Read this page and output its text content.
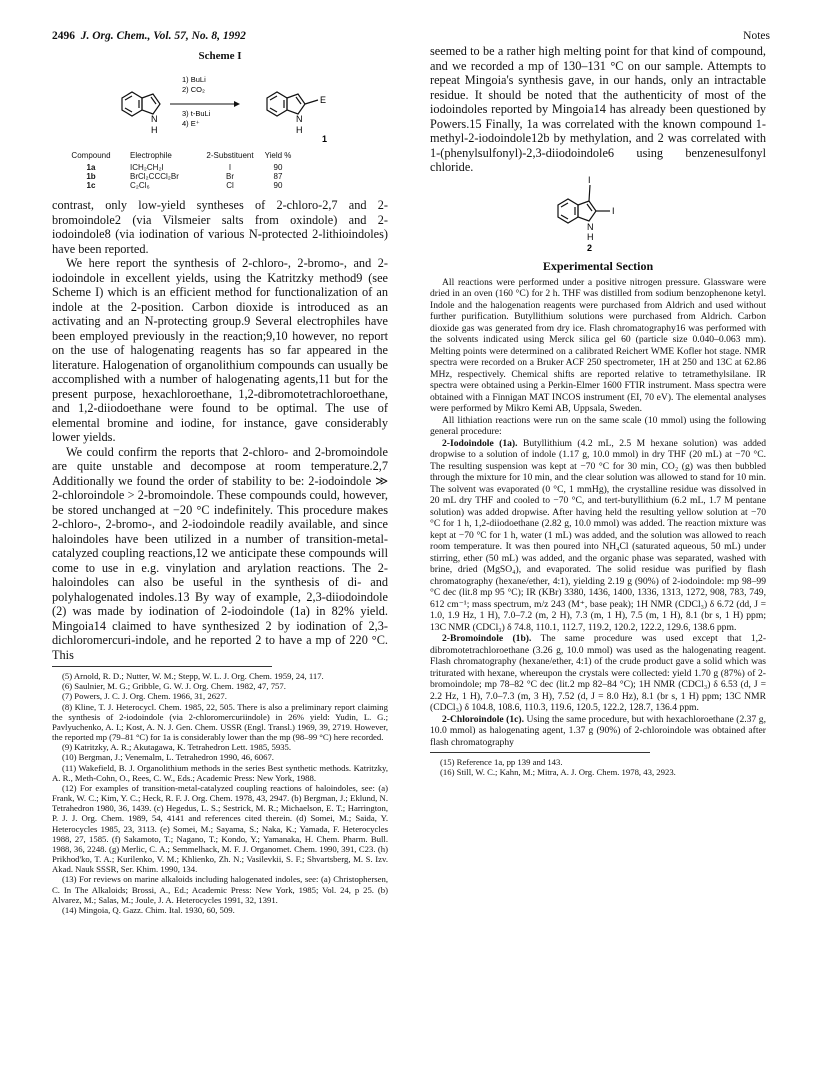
2496 J. Org. Chem., Vol. 57, No. 8, 1992	Notes
Scheme I
N
H
1) BuLi
2) CO₂
3) t-BuLi
4) E⁺
E
N
H
1
Compound	Electrophile	2-Substituent	Yield %
1a	ICH₂CH₂I	I	90
1b	BrCl₂CCCl₂Br	Br	87
1c	C₂Cl₆	Cl	90

contrast, only low-yield syntheses of 2-chloro-2,7 and 2-bromoindole2 (via Vilsmeier salts from oxindole) and 2-iodoindole8 (via iodination of various N-protected 2-lithioindoles) have been reported.

We here report the synthesis of 2-chloro-, 2-bromo-, and 2-iodoindole in excellent yields, using the Katritzky method9 (see Scheme I) which is an efficient method for functionalization of an indole at the 2-position. Carbon dioxide is introduced as an activating and an N-protecting group.9 Several electrophiles have been employed previously in the reaction;9,10 however, no report on the use of halogenating reagents has so far appeared in the literature. Halogenation of organolithium compounds can usually be accomplished with a number of halogenating agents,11 but for the present purpose, hexachloroethane, 1,2-dibromotetrachloroethane, and 1,2-diiodoethane were found to be optimal. The use of elemental bromine and iodine, for instance, gave considerably lower yields.

We could confirm the reports that 2-chloro- and 2-bromoindole are quite unstable and decompose at room temperature.2,7 Additionally we found the order of stability to be: 2-iodoindole ≫ 2-chloroindole > 2-bromoindole. These compounds could, however, be stored unchanged at −20 °C indefinitely. This procedure makes 2-chloro-, 2-bromo-, and 2-iodoindole readily available, and since haloindoles have been utilized in a number of transition-metal-catalyzed coupling reactions,12 we anticipate these compounds will come to use in e.g. vinylation and arylation reactions. The 2-haloindoles can also be useful in the synthesis of di- and polyhalogenated indoles.13 By way of example, 2,3-diiodoindole (2) was made by iodination of 2-iodoindole (1a) in 82% yield. Mingoia14 claimed to have synthesized 2 by iodination of 2,3-dichloromercuri-indole, and he reported 2 to have a mp of 220 °C. This

(5) Arnold, R. D.; Nutter, W. M.; Stepp, W. L. J. Org. Chem. 1959, 24, 117.

(6) Saulnier, M. G.; Gribble, G. W. J. Org. Chem. 1982, 47, 757.

(7) Powers, J. C. J. Org. Chem. 1966, 31, 2627.

(8) Kline, T. J. Heterocycl. Chem. 1985, 22, 505. There is also a preliminary report claiming the synthesis of 2-iodoindole (via 2-chloromercuriindole) in 26% yield: Yudin, L. G.; Pavlyuchenko, A. I.; Kost, A. N. J. Gen. Chem. USSR (Engl. Transl.) 1969, 39, 2719. However, the reported mp (79–81 °C) for 1a is considerably lower than the mp (98–99 °C) here recorded.

(9) Katritzky, A. R.; Akutagawa, K. Tetrahedron Lett. 1985, 5935.

(10) Bergman, J.; Venemalm, L. Tetrahedron 1990, 46, 6067.

(11) Wakefield, B. J. Organolithium methods in the series Best synthetic methods. Katritzky, A. R., Meth-Cohn, O., Rees, C. W., Eds.; Academic Press: New York, 1988.

(12) For examples of transition-metal-catalyzed coupling reactions of haloindoles, see: (a) Frank, W. C.; Kim, Y. C.; Heck, R. F. J. Org. Chem. 1978, 43, 2947. (b) Bergman, J.; Eklund, N. Tetrahedron 1980, 36, 1439. (c) Hegedus, L. S.; Sestrick, M. R.; Michaelson, E. T.; Harrington, P. J. J. Org. Chem. 1989, 54, 4141 and references cited therein. (d) Somei, M.; Saida, Y. Heterocycles 1985, 23, 3113. (e) Somei, M.; Sayama, S.; Naka, K.; Yamada, F. Heterocycles 1988, 27, 1585. (f) Sakamoto, T.; Nagano, T.; Kondo, Y.; Yamanaka, H. Chem. Pharm. Bull. 1988, 36, 2248. (g) Merlic, C. A.; Semmelhack, M. F. J. Organomet. Chem. 1990, 391, C23. (h) Prikhod'ko, T. A.; Kurilenko, V. M.; Khlienko, Zh. N.; Vasilevkii, S. F.; Shvartsberg, M. S. Izv. Akad. Nauk SSSR, Ser. Khim. 1990, 134.

(13) For reviews on marine alkaloids including halogenated indoles, see: (a) Christophersen, C. In The Alkaloids; Brossi, A., Ed.; Academic Press: New York, 1985; Vol. 24, p 25. (b) Alvarez, M.; Salas, M.; Joule, J. A. Heterocycles 1991, 32, 1391.

(14) Mingoia, Q. Gazz. Chim. Ital. 1930, 60, 509.

seemed to be a rather high melting point for that kind of compound, and we recorded a mp of 130–131 °C on our sample. Attempts to repeat Mingoia's synthesis gave, in our hands, only an intractable residue. It should be noted that the authenticity of most of the iodoindoles reported by Mingoia14 has already been questioned by Powers.15 Finally, 1a was correlated with the known compound 1-methyl-2-iodoindole12b by methylation, and 2 was correlated with 1-(phenylsulfonyl)-2,3-diiodoindole6 using benzenesulfonyl chloride.

I
I
N
H
2
Experimental Section

All reactions were performed under a positive nitrogen pressure. Glassware were dried in an oven (160 °C) for 2 h. THF was distilled from sodium benzophenone ketyl. Indole and the halogenation reagents were purchased from Aldrich and used without further purification. Butyllithium solutions were purchased from Aldrich. Carbon dioxide gas was generated from dry ice. Flash chromatography16 was performed with the solvents indicated using Merck silica gel 60 (particle size 0.040–0.063 mm). Melting points were determined on a calibrated Reichert WME Kofler hot stage. NMR spectra were recorded on a Bruker ACF 250 spectrometer, 1H at 250 and 13C at 62.86 MHz, respectively. Chemical shifts are reported relative to tetramethylsilane. IR spectra were obtained using a Perkin-Elmer 1600 FTIR instrument. Mass spectra were obtained with a Finnigan MAT INCOS instrument (EI, 70 eV). The elemental analyses were performed by Mikro Kemi AB, Uppsala, Sweden.

All lithiation reactions were run on the same scale (10 mmol) using the following general procedure:

2-Iodoindole (1a). Butyllithium (4.2 mL, 2.5 M hexane solution) was added dropwise to a solution of indole (1.17 g, 10.0 mmol) in dry THF (20 mL) at −70 °C. The resulting suspension was kept at −70 °C for 30 min, CO₂ (g) was then bubbled through the mixture for 10 min, and the clear solution was allowed to stand for 10 min. The solvent was evaporated (0 °C, 1 mmHg), the crystalline residue was dissolved in 20 mL dry THF and cooled to −70 °C, and tert-butyllithium (6.2 mL, 1.7 M pentane solution) was added dropwise. After having held the resulting yellow solution at −70 °C for 1 h, 1,2-diiodoethane (2.82 g, 10.0 mmol) was added. The reaction mixture was kept at −70 °C for 1 h, water (1 mL) was added, and the solution was allowed to reach room temperature. It was then poured into NH₄Cl (saturated aqueous, 50 mL) under stirring, ether (50 mL) was added, and the organic phase was separated, washed with brine, dried (MgSO₄), and evaporated. The solid residue was purified by flash chromatography (hexane/ether, 4:1), yielding 2.19 g (90%) of 2-iodoindole: mp 98–99 °C dec (lit.8 mp 95 °C); IR (KBr) 3380, 1436, 1400, 1336, 1313, 1272, 908, 783, 749, 612 cm⁻¹; mass spectrum, m/z 243 (M⁺, base peak); 1H NMR (CDCl₃) δ 6.72 (dd, J = 1.0, 1.9 Hz, 1 H), 7.0–7.2 (m, 2 H), 7.3 (m, 1 H), 7.5 (m, 1 H), 8.1 (br s, 1 H) ppm; 13C NMR (CDCl₃) δ 74.8, 110.1, 112.7, 119.2, 120.2, 122.2, 129.6, 138.6 ppm.

2-Bromoindole (1b). The same procedure was used except that 1,2-dibromotetrachloroethane (3.26 g, 10.0 mmol) was used as the halogenating reagent. Flash chromatography (hexane/ether, 4:1) of the crude product gave a solid which was triturated with hexane, whereupon the crystals were collected: yield 1.70 g (87%) of 2-bromoindole; mp 78–82 °C dec (lit.2 mp 82–84 °C); 1H NMR (CDCl₃) δ 6.53 (d, J = 2.2 Hz, 1 H), 7.0–7.3 (m, 3 H), 7.52 (d, J = 8.0 Hz), 8.1 (br s, 1 H) ppm; 13C NMR (CDCl₃) δ 104.8, 108.6, 110.3, 119.6, 120.5, 122.2, 128.7, 136.4 ppm.

2-Chloroindole (1c). Using the same procedure, but with hexachloroethane (2.37 g, 10.0 mmol) as halogenating agent, 1.37 g (90%) of 2-chloroindole was obtained after flash chromatography

(15) Reference 1a, pp 139 and 143.

(16) Still, W. C.; Kahn, M.; Mitra, A. J. Org. Chem. 1978, 43, 2923.
